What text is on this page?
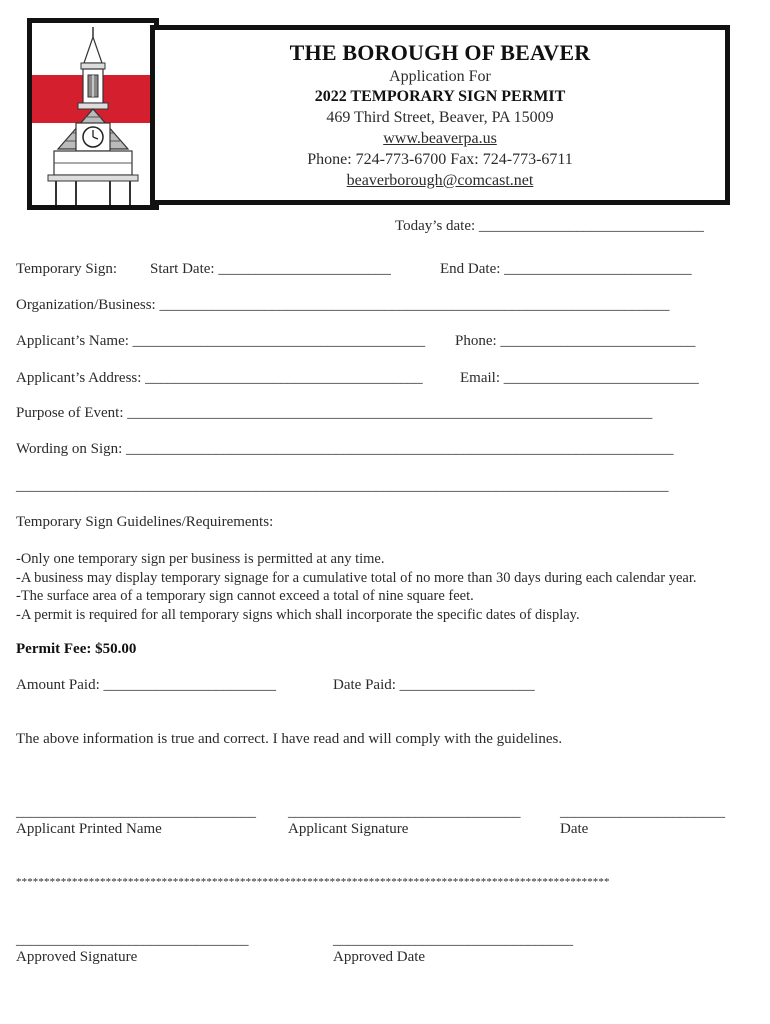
THE BOROUGH OF BEAVER
Application For
2022 TEMPORARY SIGN PERMIT
469 Third Street, Beaver, PA 15009
www.beaverpa.us
Phone: 724-773-6700 Fax: 724-773-6711
beaverborough@comcast.net
Today’s date: ______________________________
Temporary Sign: Start Date: _______________________	End Date: _________________________
Organization/Business: ____________________________________________________________________
Applicant’s Name: _______________________________________ Phone: __________________________
Applicant’s Address: _____________________________________ Email: __________________________
Purpose of Event: ______________________________________________________________________
Wording on Sign: _________________________________________________________________________
_______________________________________________________________________________________
Temporary Sign Guidelines/Requirements:
-Only one temporary sign per business is permitted at any time.
-A business may display temporary signage for a cumulative total of no more than 30 days during each calendar year.
-The surface area of a temporary sign cannot exceed a total of nine square feet.
-A permit is required for all temporary signs which shall incorporate the specific dates of display.
Permit Fee: $50.00
Amount Paid: _______________________	Date Paid: __________________
The above information is true and correct. I have read and will comply with the guidelines.
________________________________ _______________________________	______________________
Applicant Printed Name	Applicant Signature	Date
**********************************************************************************************************
_______________________________	________________________________
Approved Signature	Approved Date
